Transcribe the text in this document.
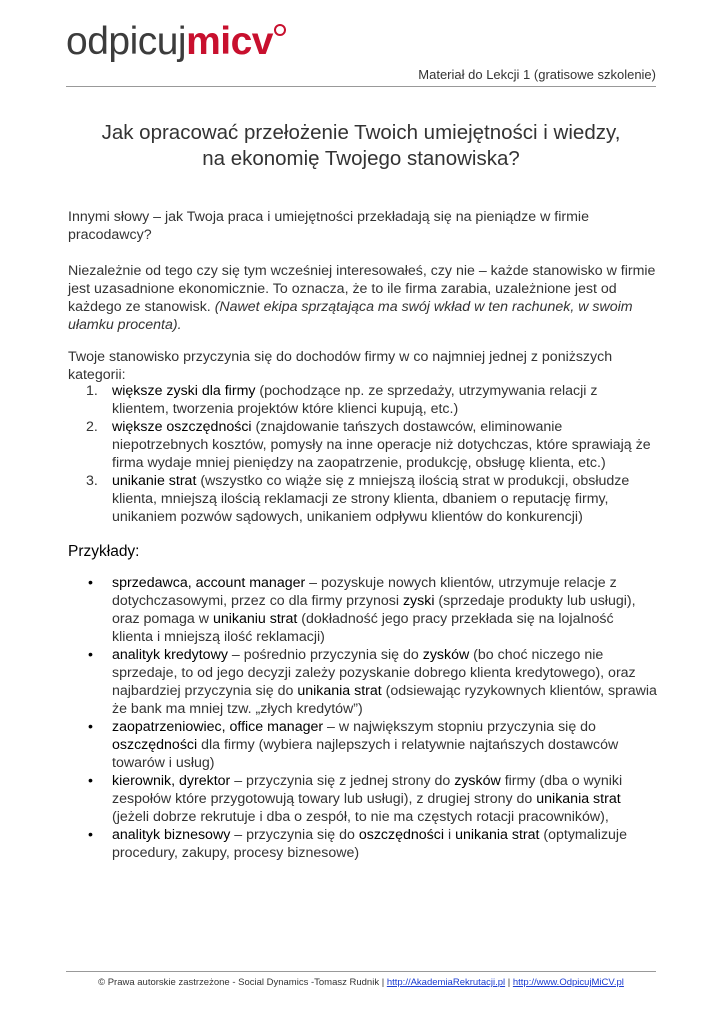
odpicujmicv
Materiał do Lekcji 1 (gratisowe szkolenie)
Jak opracować przełożenie Twoich umiejętności i wiedzy,
na ekonomię Twojego stanowiska?

Innymi słowy – jak Twoja praca i umiejętności przekładają się na pieniądze w firmie pracodawcy?

Niezależnie od tego czy się tym wcześniej interesowałeś, czy nie – każde stanowisko w firmie jest uzasadnione ekonomicznie. To oznacza, że to ile firma zarabia, uzależnione jest od każdego ze stanowisk. (Nawet ekipa sprzątająca ma swój wkład w ten rachunek, w swoim ułamku procenta).

Twoje stanowisko przyczynia się do dochodów firmy w co najmniej jednej z poniższych kategorii:

1. większe zyski dla firmy (pochodzące np. ze sprzedaży, utrzymywania relacji z klientem, tworzenia projektów które klienci kupują, etc.)
2. większe oszczędności (znajdowanie tańszych dostawców, eliminowanie niepotrzebnych kosztów, pomysły na inne operacje niż dotychczas, które sprawiają że firma wydaje mniej pieniędzy na zaopatrzenie, produkcję, obsługę klienta, etc.)
3. unikanie strat (wszystko co wiąże się z mniejszą ilością strat w produkcji, obsłudze klienta, mniejszą ilością reklamacji ze strony klienta, dbaniem o reputację firmy, unikaniem pozwów sądowych, unikaniem odpływu klientów do konkurencji)
Przykłady:
• sprzedawca, account manager – pozyskuje nowych klientów, utrzymuje relacje z dotychczasowymi, przez co dla firmy przynosi zyski (sprzedaje produkty lub usługi), oraz pomaga w unikaniu strat (dokładność jego pracy przekłada się na lojalność klienta i mniejszą ilość reklamacji)
• analityk kredytowy – pośrednio przyczynia się do zysków (bo choć niczego nie sprzedaje, to od jego decyzji zależy pozyskanie dobrego klienta kredytowego), oraz najbardziej przyczynia się do unikania strat (odsiewając ryzykownych klientów, sprawia że bank ma mniej tzw. „złych kredytów”)
• zaopatrzeniowiec, office manager – w największym stopniu przyczynia się do oszczędności dla firmy (wybiera najlepszych i relatywnie najtańszych dostawców towarów i usług)
• kierownik, dyrektor – przyczynia się z jednej strony do zysków firmy (dba o wyniki zespołów które przygotowują towary lub usługi), z drugiej strony do unikania strat (jeżeli dobrze rekrutuje i dba o zespół, to nie ma częstych rotacji pracowników),
• analityk biznesowy – przyczynia się do oszczędności i unikania strat (optymalizuje procedury, zakupy, procesy biznesowe)
© Prawa autorskie zastrzeżone - Social Dynamics -Tomasz Rudnik | http://AkademiaRekrutacji.pl | http://www.OdpicujMiCV.pl
